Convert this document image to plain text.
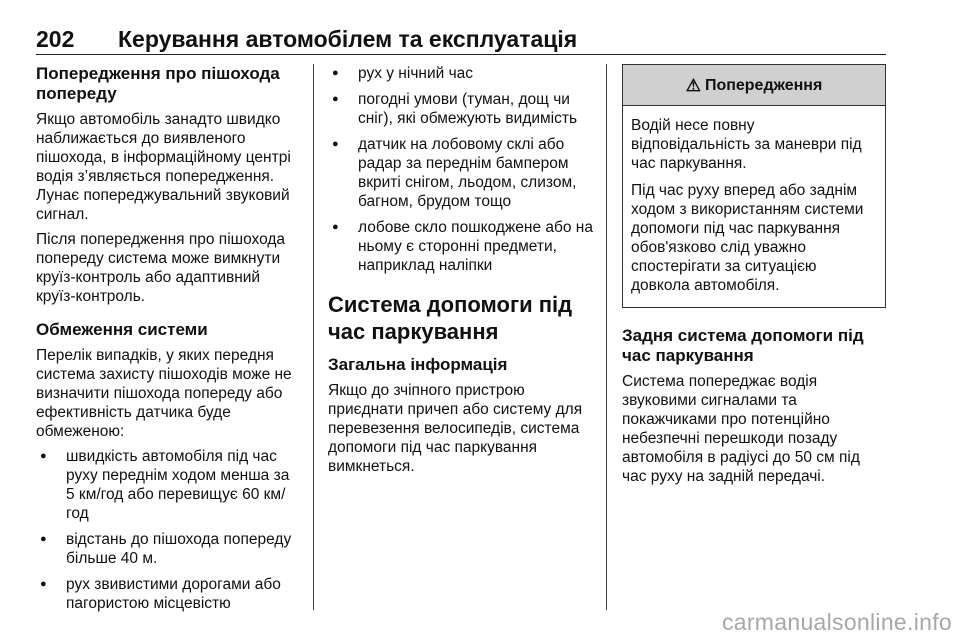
202 Керування автомобілем та експлуатація
Попередження про пішохода попереду
Якщо автомобіль занадто швидко наближається до виявленого пішохода, в інформаційному центрі водія з’являється попередження. Лунає попереджувальний звуковий сигнал.
Після попередження про пішохода попереду система може вимкнути круїз-контроль або адаптивний круїз-контроль.
Обмеження системи
Перелік випадків, у яких передня система захисту пішоходів може не визначити пішохода попереду або ефективність датчика буде обмеженою:
● швидкість автомобіля під час руху переднім ходом менша за 5 км/год або перевищує 60 км/год
● відстань до пішохода попереду більше 40 м.
● рух звивистими дорогами або пагористою місцевістю
● рух у нічний час
● погодні умови (туман, дощ чи сніг), які обмежують видимість
● датчик на лобовому склі або радар за переднім бампером вкриті снігом, льодом, слизом, багном, брудом тощо
● лобове скло пошкоджене або на ньому є сторонні предмети, наприклад наліпки
Система допомоги під час паркування
Загальна інформація
Якщо до зчіпного пристрою приєднати причеп або систему для перевезення велосипедів, система допомоги під час паркування вимкнеться.
⚠ Попередження
Водій несе повну відповідальність за маневри під час паркування.
Під час руху вперед або заднім ходом з використанням системи допомоги під час паркування обов'язково слід уважно спостерігати за ситуацією довкола автомобіля.
Задня система допомоги під час паркування
Система попереджає водія звуковими сигналами та покажчиками про потенційно небезпечні перешкоди позаду автомобіля в радіусі до 50 см під час руху на задній передачі.
carmanualsonline.info
